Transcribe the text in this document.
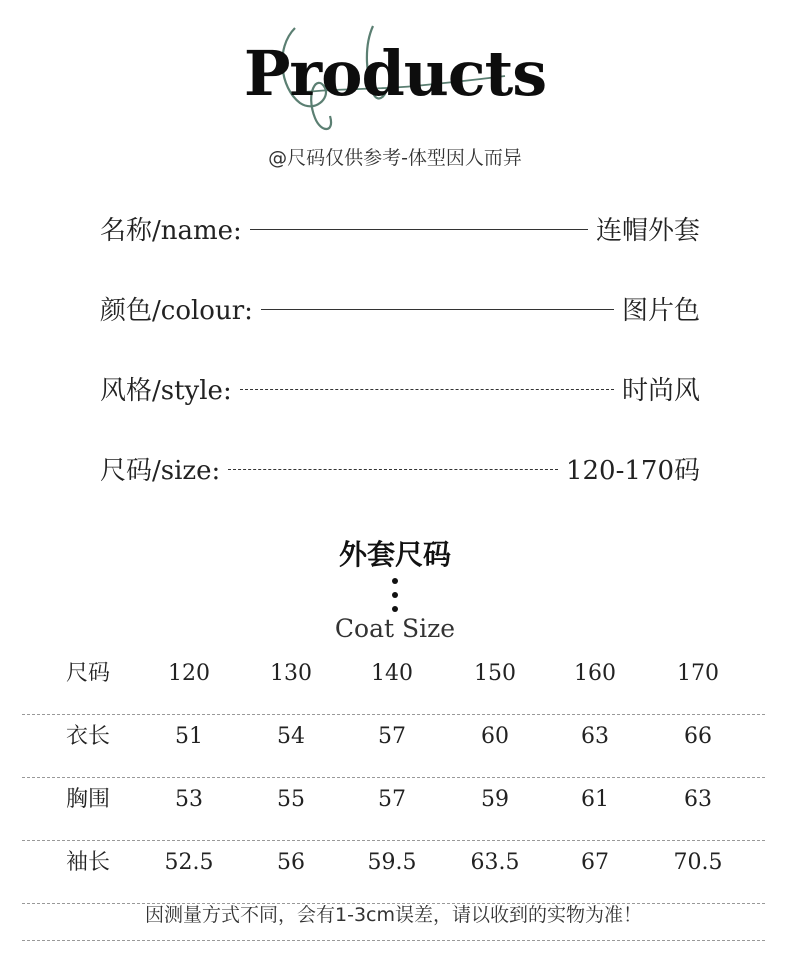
Products
@尺码仅供参考-体型因人而异
名称/name:	连帽外套
颜色/colour:	图片色
风格/style:	时尚风
尺码/size:	120-170码
外套尺码
Coat Size
尺码	120	130	140	150	160	170
衣长	51	54	57	60	63	66
胸围	53	55	57	59	61	63
袖长	52.5	56	59.5	63.5	67	70.5
因测量方式不同，会有1-3cm误差，请以收到的实物为准！
